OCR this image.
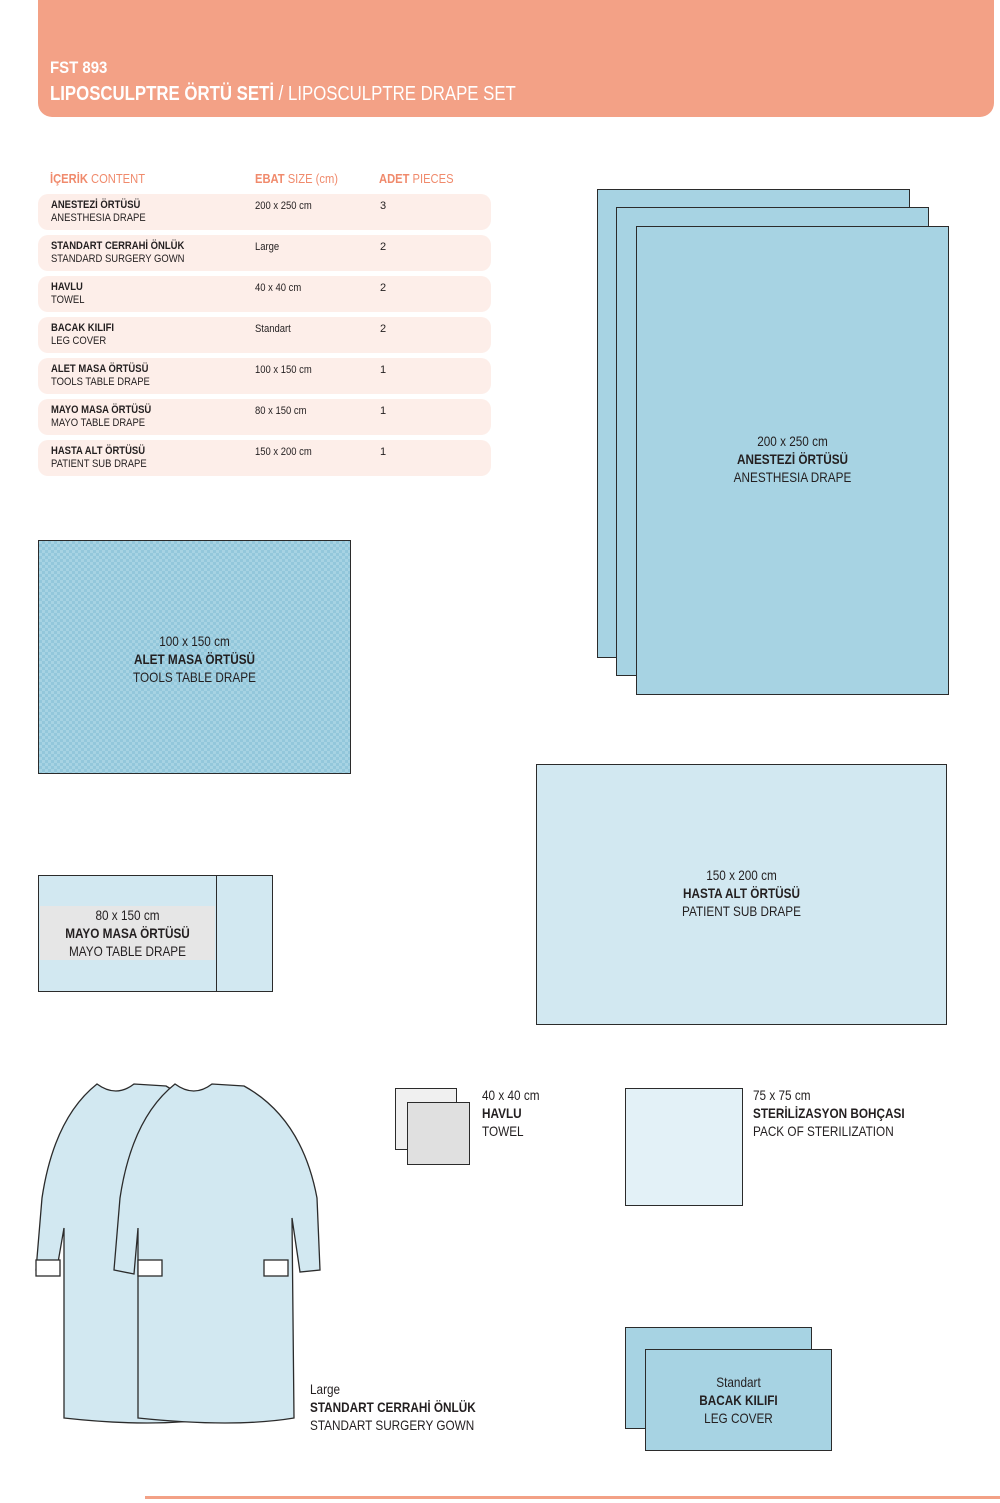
FST 893
LIPOSCULPTRE ÖRTÜ SETİ / LIPOSCULPTRE DRAPE SET
İÇERİK CONTENT	EBAT SIZE (cm)	ADET PIECES
ANESTEZİ ÖRTÜSÜ
ANESTHESIA DRAPE
200 x 250 cm	3
STANDART CERRAHİ ÖNLÜK
STANDARD SURGERY GOWN
Large	2
HAVLU
TOWEL
40 x 40 cm	2
BACAK KILIFI
LEG COVER
Standart	2
ALET MASA ÖRTÜSÜ
TOOLS TABLE DRAPE
100 x 150 cm	1
MAYO MASA ÖRTÜSÜ
MAYO TABLE DRAPE
80 x 150 cm	1
HASTA ALT ÖRTÜSÜ
PATIENT SUB DRAPE
150 x 200 cm	1
200 x 250 cm
ANESTEZİ ÖRTÜSÜ
ANESTHESIA DRAPE
100 x 150 cm
ALET MASA ÖRTÜSÜ
TOOLS TABLE DRAPE
150 x 200 cm
HASTA ALT ÖRTÜSÜ
PATIENT SUB DRAPE
80 x 150 cm
MAYO MASA ÖRTÜSÜ
MAYO TABLE DRAPE
Large
STANDART CERRAHİ ÖNLÜK
STANDART SURGERY GOWN
40 x 40 cm
HAVLU
TOWEL
75 x 75 cm
STERİLİZASYON BOHÇASI
PACK OF STERILIZATION
Standart
BACAK KILIFI
LEG COVER
